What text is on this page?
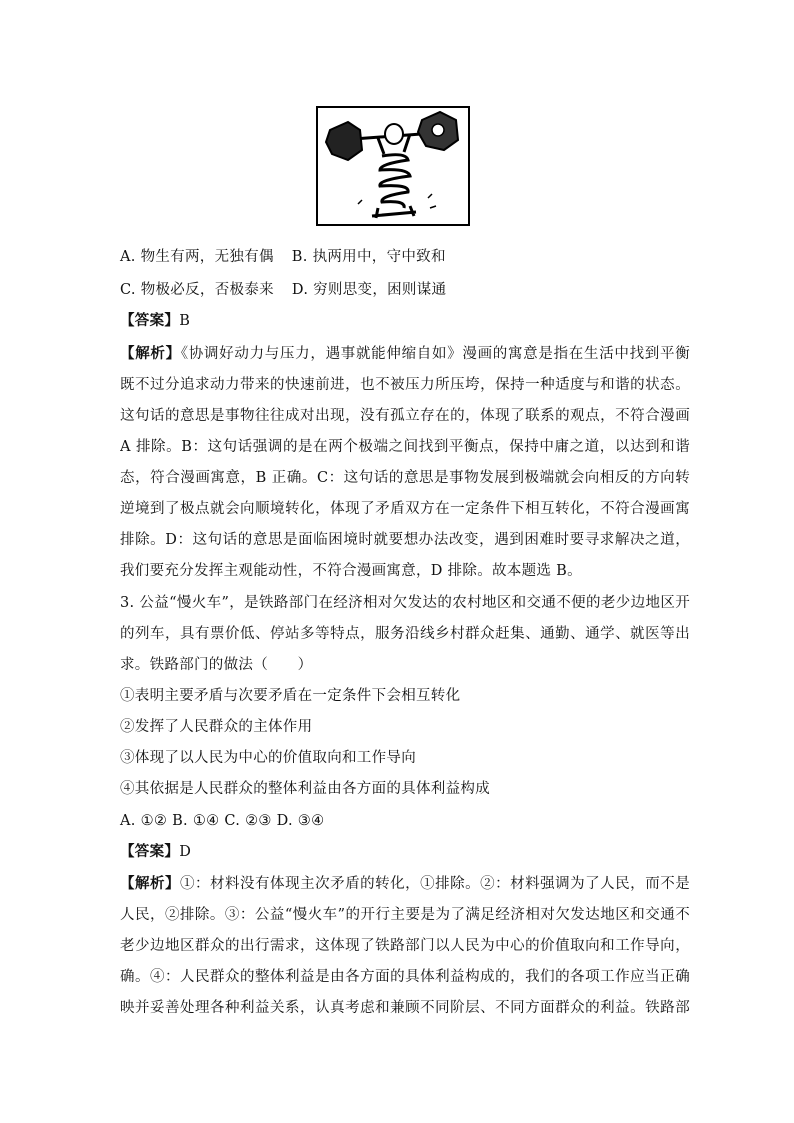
A. 物生有两，无独有偶 B. 执两用中，守中致和
C. 物极必反，否极泰来 D. 穷则思变，困则谋通
【答案】B
【解析】《协调好动力与压力，遇事就能伸缩自如》漫画的寓意是指在生活中找到平衡
既不过分追求动力带来的快速前进，也不被压力所压垮，保持一种适度与和谐的状态。
这句话的意思是事物往往成对出现，没有孤立存在的，体现了联系的观点，不符合漫画
A 排除。B：这句话强调的是在两个极端之间找到平衡点，保持中庸之道，以达到和谐
态，符合漫画寓意，B 正确。C：这句话的意思是事物发展到极端就会向相反的方向转
逆境到了极点就会向顺境转化，体现了矛盾双方在一定条件下相互转化，不符合漫画寓
排除。D：这句话的意思是面临困境时就要想办法改变，遇到困难时要寻求解决之道，
我们要充分发挥主观能动性，不符合漫画寓意，D 排除。故本题选 B。
3. 公益“慢火车”，是铁路部门在经济相对欠发达的农村地区和交通不便的老少边地区开
的列车，具有票价低、停站多等特点，服务沿线乡村群众赶集、通勤、通学、就医等出
求。铁路部门的做法（　　）
①表明主要矛盾与次要矛盾在一定条件下会相互转化
②发挥了人民群众的主体作用
③体现了以人民为中心的价值取向和工作导向
④其依据是人民群众的整体利益由各方面的具体利益构成
A. ①② B. ①④ C. ②③ D. ③④
【答案】D
【解析】①：材料没有体现主次矛盾的转化，①排除。②：材料强调为了人民，而不是
人民，②排除。③：公益“慢火车”的开行主要是为了满足经济相对欠发达地区和交通不
老少边地区群众的出行需求，这体现了铁路部门以人民为中心的价值取向和工作导向，
确。④：人民群众的整体利益是由各方面的具体利益构成的，我们的各项工作应当正确
映并妥善处理各种利益关系，认真考虑和兼顾不同阶层、不同方面群众的利益。铁路部
